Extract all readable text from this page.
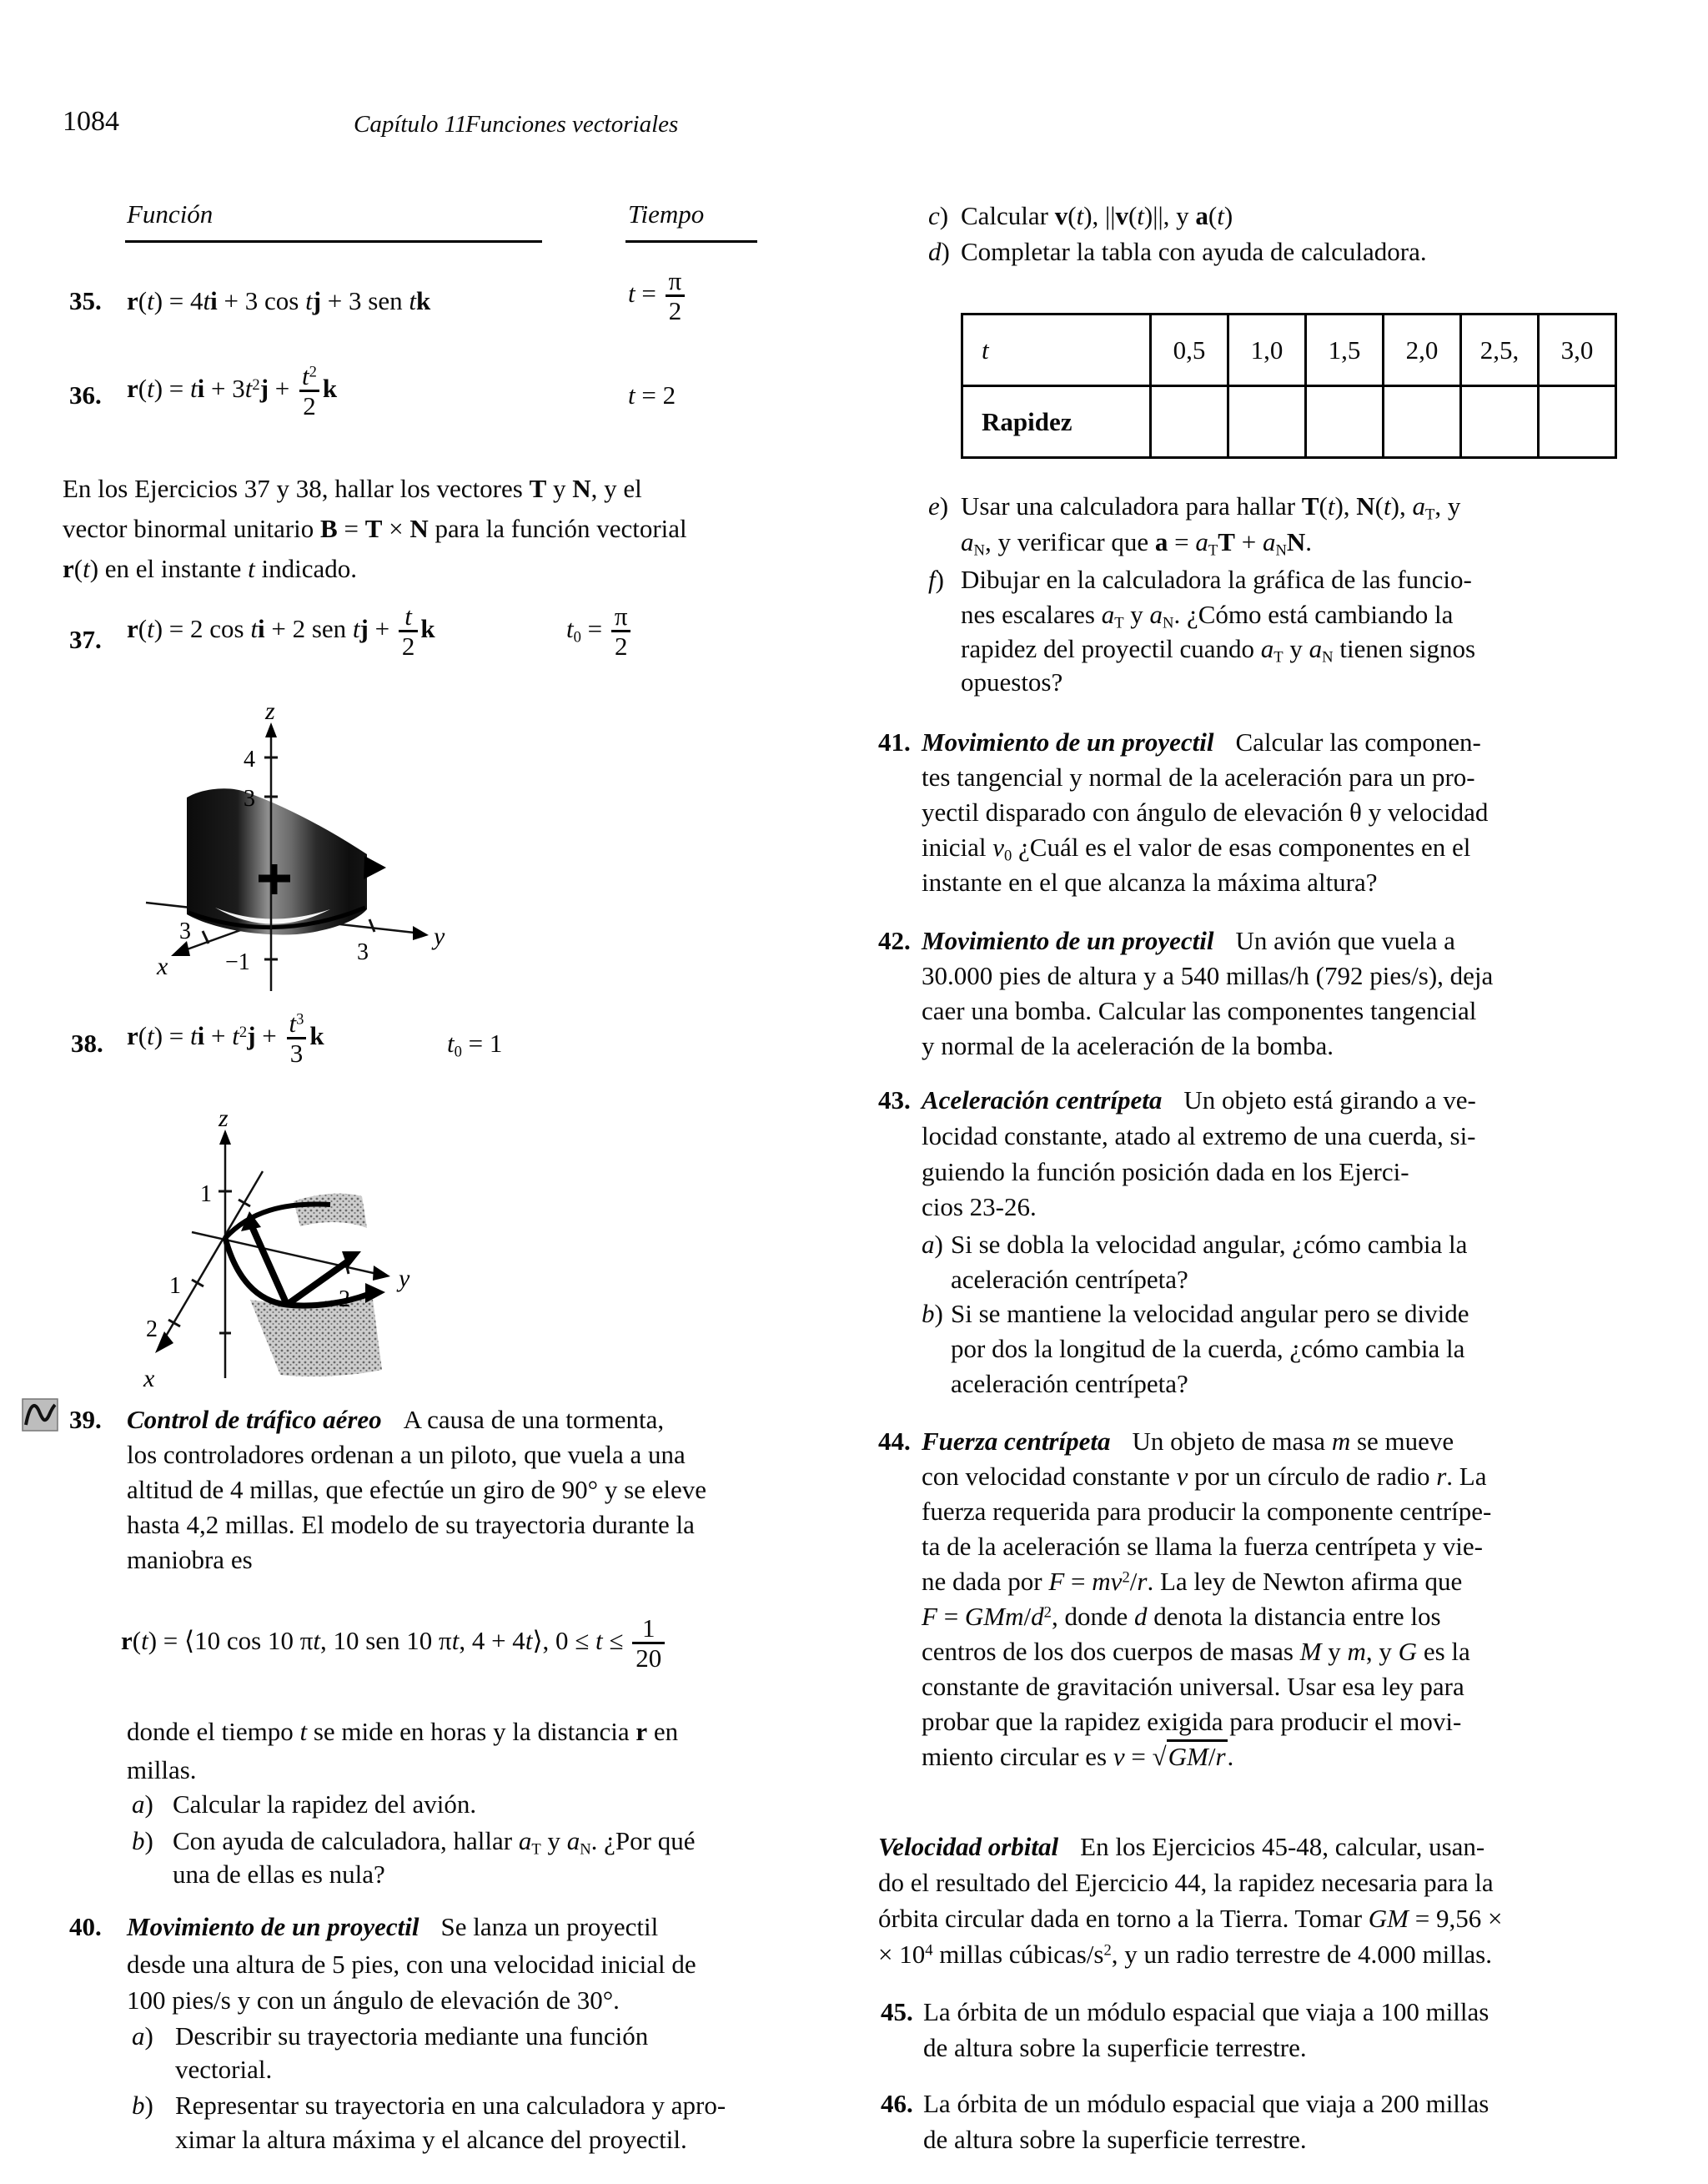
1084	Capítulo 11
Funciones vectoriales
Función	Tiempo
35. r(t) = 4ti + 3 cos tj + 3 sen tk	$t = \frac{\pi}{2}$
36. r(t) = ti + $3t^2j + \frac{t^2}{2}$ k	t = 2
En los Ejercicios 37 y 38, hallar los vectores T y N, y el
vector binormal unitario B = T × N para la función vectorial
r(t) en el instante t indicado.
37. r(t) = 2 cos ti + 2 sen tj + $\frac{t}{2}$ k	$t_0 = \frac{\pi}{2}$
y
3
x
3
z
4
3
−1
38. r(t) = ti + $t^2j + \frac{t^3}{3}$ k	$t_0 = 1$
x
1
2
y
2
z
1
39. Control de tráfico aéreo A causa de una tormenta,
los controladores ordenan a un piloto, que vuela a una
altitud de 4 millas, que efectúe un giro de 90° y se eleve
hasta 4,2 millas. El modelo de su trayectoria durante la
maniobra es
r(t) = ⟨10 cos 10 πt, 10 sen 10 πt, 4 + 4t⟩, $0 \le t \le \frac{1}{20}$
donde el tiempo t se mide en horas y la distancia r en
millas.
a) Calcular la rapidez del avión.
b) Con ayuda de calculadora, hallar $a_T$ y $a_N$. ¿Por qué
una de ellas es nula?
40. Movimiento de un proyectil Se lanza un proyectil
desde una altura de 5 pies, con una velocidad inicial de
100 pies/s y con un ángulo de elevación de 30°.
a) Describir su trayectoria mediante una función
vectorial.
b) Representar su trayectoria en una calculadora y apro-
ximar la altura máxima y el alcance del proyectil.
c) Calcular v(t), ||v(t)||, y a(t)
d) Completar la tabla con ayuda de calculadora.
t	0,5	1,0	1,5	2,0	2,5,	3,0
Rapidez						
e) Usar una calculadora para hallar T(t), N(t), $a_T$, y
$a_N$, y verificar que $a = a_TT + a_NN$.
f) Dibujar en la calculadora la gráfica de las funcio-
nes escalares $a_T$ y $a_N$. ¿Cómo está cambiando la
rapidez del proyectil cuando $a_T$ y $a_N$ tienen signos
opuestos?
41. Movimiento de un proyectil Calcular las componen-
tes tangencial y normal de la aceleración para un pro-
yectil disparado con ángulo de elevación θ y velocidad
inicial $v_0$ ¿Cuál es el valor de esas componentes en el
instante en el que alcanza la máxima altura?
42. Movimiento de un proyectil Un avión que vuela a
30.000 pies de altura y a 540 millas/h (792 pies/s), deja
caer una bomba. Calcular las componentes tangencial
y normal de la aceleración de la bomba.
43. Aceleración centrípeta Un objeto está girando a ve-
locidad constante, atado al extremo de una cuerda, si-
guiendo la función posición dada en los Ejerci-
cios 23-26.
a) Si se dobla la velocidad angular, ¿cómo cambia la
aceleración centrípeta?
b) Si se mantiene la velocidad angular pero se divide
por dos la longitud de la cuerda, ¿cómo cambia la
aceleración centrípeta?
44. Fuerza centrípeta Un objeto de masa m se mueve
con velocidad constante v por un círculo de radio r. La
fuerza requerida para producir la componente centrípe-
ta de la aceleración se llama la fuerza centrípeta y vie-
ne dada por $F = mv^2/r$. La ley de Newton afirma que
F = GMm/$d^2$, donde d denota la distancia entre los
centros de los dos cuerpos de masas M y m, y G es la
constante de gravitación universal. Usar esa ley para
probar que la rapidez exigida para producir el movi-
miento circular es v = √GM/r.
Velocidad orbital En los Ejercicios 45-48, calcular, usan-
do el resultado del Ejercicio 44, la rapidez necesaria para la
órbita circular dada en torno a la Tierra. Tomar GM = 9,56 ×
× $10^4$ millas cúbicas/$s^2$, y un radio terrestre de 4.000 millas.
45. La órbita de un módulo espacial que viaja a 100 millas
de altura sobre la superficie terrestre.
46. La órbita de un módulo espacial que viaja a 200 millas
de altura sobre la superficie terrestre.
